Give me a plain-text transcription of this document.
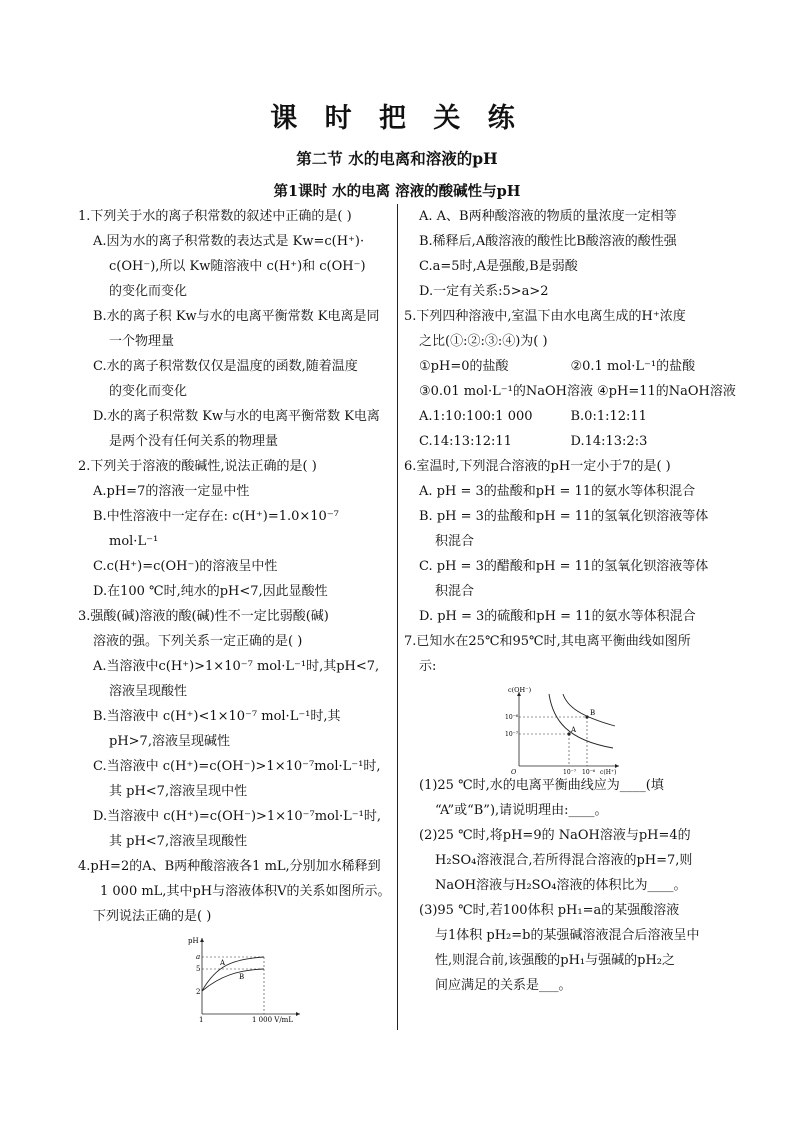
课 时 把 关 练
第二节 水的电离和溶液的pH
第1课时 水的电离 溶液的酸碱性与pH
1.下列关于水的离子积常数的叙述中正确的是( )
A.因为水的离子积常数的表达式是 Kw=c(H⁺)·
c(OH⁻),所以 Kw随溶液中 c(H⁺)和 c(OH⁻)
的变化而变化
B.水的离子积 Kw与水的电离平衡常数 K电离是同
一个物理量
C.水的离子积常数仅仅是温度的函数,随着温度
的变化而变化
D.水的离子积常数 Kw与水的电离平衡常数 K电离
是两个没有任何关系的物理量
2.下列关于溶液的酸碱性,说法正确的是( )
A.pH=7的溶液一定显中性
B.中性溶液中一定存在: c(H⁺)=1.0×10⁻⁷
mol·L⁻¹
C.c(H⁺)=c(OH⁻)的溶液呈中性
D.在100 ℃时,纯水的pH<7,因此显酸性
3.强酸(碱)溶液的酸(碱)性不一定比弱酸(碱)
溶液的强。下列关系一定正确的是( )
A.当溶液中c(H⁺)>1×10⁻⁷ mol·L⁻¹时,其pH<7,
溶液呈现酸性
B.当溶液中 c(H⁺)<1×10⁻⁷ mol·L⁻¹时,其
pH>7,溶液呈现碱性
C.当溶液中 c(H⁺)=c(OH⁻)>1×10⁻⁷mol·L⁻¹时,
其 pH<7,溶液呈现中性
D.当溶液中 c(H⁺)=c(OH⁻)>1×10⁻⁷mol·L⁻¹时,
其 pH<7,溶液呈现酸性
4.pH=2的A、B两种酸溶液各1 mL,分别加水稀释到
1 000 mL,其中pH与溶液体积V的关系如图所示。
下列说法正确的是( )
A. A、B两种酸溶液的物质的量浓度一定相等
B.稀释后,A酸溶液的酸性比B酸溶液的酸性强
C.a=5时,A是强酸,B是弱酸
D.一定有关系:5>a>2
5.下列四种溶液中,室温下由水电离生成的H⁺浓度
之比(①:②:③:④)为( )
①pH=0的盐酸	②0.1 mol·L⁻¹的盐酸
③0.01 mol·L⁻¹的NaOH溶液 ④pH=11的NaOH溶液
A.1:10:100:1 000	B.0:1:12:11
C.14:13:12:11	D.14:13:2:3
6.室温时,下列混合溶液的pH一定小于7的是( )
A. pH = 3的盐酸和pH = 11的氨水等体积混合
B. pH = 3的盐酸和pH = 11的氢氧化钡溶液等体
积混合
C. pH = 3的醋酸和pH = 11的氢氧化钡溶液等体
积混合
D. pH = 3的硫酸和pH = 11的氨水等体积混合
7.已知水在25℃和95℃时,其电离平衡曲线如图所
示:
(1)25 ℃时,水的电离平衡曲线应为____(填
“A”或“B”),请说明理由:____。
(2)25 ℃时,将pH=9的 NaOH溶液与pH=4的
H₂SO₄溶液混合,若所得混合溶液的pH=7,则
NaOH溶液与H₂SO₄溶液的体积比为____。
(3)95 ℃时,若100体积 pH₁=a的某强酸溶液
与1体积 pH₂=b的某强碱溶液混合后溶液呈中
性,则混合前,该强酸的pH₁与强碱的pH₂之
间应满足的关系是___。
pH
a
5
2
1	1 000 V/mL
A
B
c(OH⁻)
10⁻⁶
10⁻⁷
O	10⁻⁷ 10⁻⁶ c(H⁺)
A
B
